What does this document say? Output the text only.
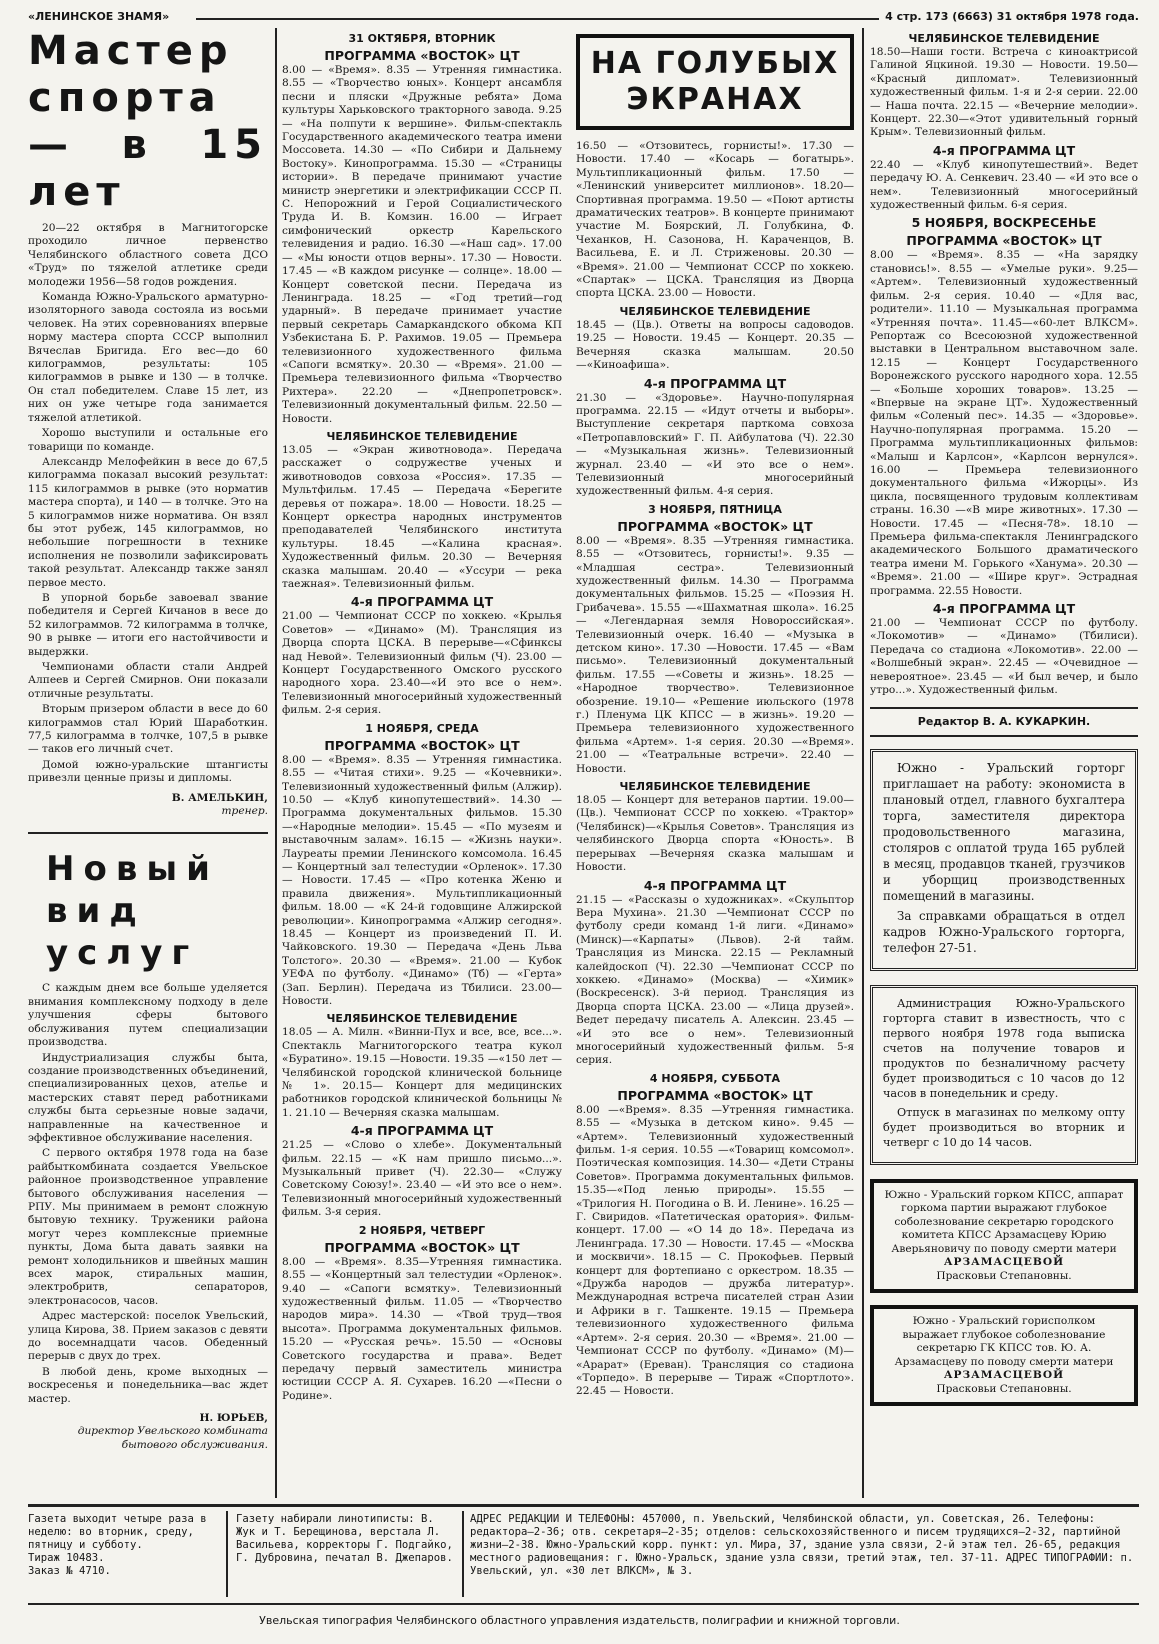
«ЛЕНИНСКОЕ ЗНАМЯ»	4 стр. 173 (6663) 31 октября 1978 года.
Мастер спорта — в 15 лет

20—22 октября в Магнитогорске проходило личное первенство Челябинского областного совета ДСО «Труд» по тяжелой атлетике среди молодежи 1956—58 годов рождения.

Команда Южно-Уральского арматурно-изоляторного завода состояла из восьми человек. На этих соревнованиях впервые норму мастера спорта СССР выполнил Вячеслав Бригида. Его вес—до 60 килограммов, результаты: 105 килограммов в рывке и 130 — в толчке. Он стал победителем. Славе 15 лет, из них он уже четыре года занимается тяжелой атлетикой.

Хорошо выступили и остальные его товарищи по команде.

Александр Мелофейкин в весе до 67,5 килограмма показал высокий результат: 115 килограммов в рывке (это норматив мастера спорта), и 140 — в толчке. Это на 5 килограммов ниже норматива. Он взял бы этот рубеж, 145 килограммов, но небольшие погрешности в технике исполнения не позволили зафиксировать такой результат. Александр также занял первое место.

В упорной борьбе завоевал звание победителя и Сергей Кичанов в весе до 52 килограммов. 72 килограмма в толчке, 90 в рывке — итоги его настойчивости и выдержки.

Чемпионами области стали Андрей Алпеев и Сергей Смирнов. Они показали отличные результаты.

Вторым призером области в весе до 60 килограммов стал Юрий Шаработкин. 77,5 килограмма в толчке, 107,5 в рывке — таков его личный счет.

Домой южно-уральские штангисты привезли ценные призы и дипломы.

В. АМЕЛЬКИН,
тренер.
Новый вид услуг

С каждым днем все больше уделяется внимания комплексному подходу в деле улучшения сферы бытового обслуживания путем специализации производства.

Индустриализация службы быта, создание производственных объединений, специализированных цехов, ателье и мастерских ставят перед работниками службы быта серьезные новые задачи, направленные на качественное и эффективное обслуживание населения.

С первого октября 1978 года на базе райбыткомбината создается Увельское районное производственное управление бытового обслуживания населения — РПУ. Мы принимаем в ремонт сложную бытовую технику. Труженики района могут через комплексные приемные пункты, Дома быта давать заявки на ремонт холодильников и швейных машин всех марок, стиральных машин, электробритв, сепараторов, электронасосов, часов.

Адрес мастерской: поселок Увельский, улица Кирова, 38. Прием заказов с девяти до восемнадцати часов. Обеденный перерыв с двух до трех.

В любой день, кроме выходных —воскресенья и понедельника—вас ждет мастер.

Н. ЮРЬЕВ,
директор Увельского комбината бытового обслуживания.
31 ОКТЯБРЯ, ВТОРНИК
ПРОГРАММА «ВОСТОК» ЦТ
8.00 — «Время». 8.35 — Утренняя гимнастика. 8.55 — «Творчество юных». Концерт ансамбля песни и пляски «Дружные ребята» Дома культуры Харьковского тракторного завода. 9.25 — «На полпути к вершине». Фильм-спектакль Государственного академического театра имени Моссовета. 14.30 — «По Сибири и Дальнему Востоку». Кинопрограмма. 15.30 — «Страницы истории». В передаче принимают участие министр энергетики и электрификации СССР П. С. Непорожний и Герой Социалистического Труда И. В. Комзин. 16.00 — Играет симфонический оркестр Карельского телевидения и радио. 16.30 —«Наш сад». 17.00 — «Мы юности отцов верны». 17.30 — Новости. 17.45 — «В каждом рисунке — солнце». 18.00 — Концерт советской песни. Передача из Ленинграда. 18.25 — «Год третий—год ударный». В передаче принимает участие первый секретарь Самаркандского обкома КП Узбекистана Б. Р. Рахимов. 19.05 — Премьера телевизионного художественного фильма «Сапоги всмятку». 20.30 — «Время». 21.00 — Премьера телевизионного фильма «Творчество Рихтера». 22.20 — «Днепропетровск». Телевизионный документальный фильм. 22.50 — Новости.
ЧЕЛЯБИНСКОЕ ТЕЛЕВИДЕНИЕ
13.05 — «Экран животновода». Передача расскажет о содружестве ученых и животноводов совхоза «Россия». 17.35 — Мультфильм. 17.45 — Передача «Берегите деревья от пожара». 18.00 — Новости. 18.25 — Концерт оркестра народных инструментов преподавателей Челябинского института культуры. 18.45 —«Калина красная». Художественный фильм. 20.30 — Вечерняя сказка малышам. 20.40 — «Уссури — река таежная». Телевизионный фильм.
4-я ПРОГРАММА ЦТ
21.00 — Чемпионат СССР по хоккею. «Крылья Советов» — «Динамо» (М). Трансляция из Дворца спорта ЦСКА. В перерыве—«Сфинксы над Невой». Телевизионный фильм (Ч). 23.00 — Концерт Государственного Омского русского народного хора. 23.40—«И это все о нем». Телевизионный многосерийный художественный фильм. 2-я серия.
1 НОЯБРЯ, СРЕДА
ПРОГРАММА «ВОСТОК» ЦТ
8.00 — «Время». 8.35 — Утренняя гимнастика. 8.55 — «Читая стихи». 9.25 — «Кочевники». Телевизионный художественный фильм (Алжир). 10.50 — «Клуб кинопутешествий». 14.30 — Программа документальных фильмов. 15.30 —«Народные мелодии». 15.45 — «По музеям и выставочным залам». 16.15 — «Жизнь науки». Лауреаты премии Ленинского комсомола. 16.45 — Концертный зал телестудии «Орленок». 17.30 — Новости. 17.45 — «Про котенка Женю и правила движения». Мультипликационный фильм. 18.00 — «К 24-й годовщине Алжирской революции». Кинопрограмма «Алжир сегодня». 18.45 — Концерт из произведений П. И. Чайковского. 19.30 — Передача «День Льва Толстого». 20.30 — «Время». 21.00 — Кубок УЕФА по футболу. «Динамо» (Тб) — «Герта» (Зап. Берлин). Передача из Тбилиси. 23.00—Новости.
ЧЕЛЯБИНСКОЕ ТЕЛЕВИДЕНИЕ
18.05 — А. Милн. «Винни-Пух и все, все, все...». Спектакль Магнитогорского театра кукол «Буратино». 19.15 —Новости. 19.35 —«150 лет — Челябинской городской клинической больнице № 1». 20.15— Концерт для медицинских работников городской клинической больницы № 1. 21.10 — Вечерняя сказка малышам.
4-я ПРОГРАММА ЦТ
21.25 — «Слово о хлебе». Документальный фильм. 22.15 — «К нам пришло письмо...». Музыкальный привет (Ч). 22.30— «Служу Советскому Союзу!». 23.40 — «И это все о нем». Телевизионный многосерийный художественный фильм. 3-я серия.
2 НОЯБРЯ, ЧЕТВЕРГ
ПРОГРАММА «ВОСТОК» ЦТ
8.00 — «Время». 8.35—Утренняя гимнастика. 8.55 — «Концертный зал телестудии «Орленок». 9.40 — «Сапоги всмятку». Телевизионный художественный фильм. 11.05 — «Творчество народов мира». 14.30 — «Твой труд—твоя высота». Программа документальных фильмов. 15.20 — «Русская речь». 15.50 — «Основы Советского государства и права». Ведет передачу первый заместитель министра юстиции СССР А. Я. Сухарев. 16.20 —«Песни о Родине».
НА ГОЛУБЫХ ЭКРАНАХ
16.50 — «Отзовитесь, горнисты!». 17.30 — Новости. 17.40 — «Косарь — богатырь». Мультипликационный фильм. 17.50 — «Ленинский университет миллионов». 18.20— Спортивная программа. 19.50 — «Поют артисты драматических театров». В концерте принимают участие М. Боярский, Л. Голубкина, Ф. Чеханков, Н. Сазонова, Н. Караченцов, В. Васильева, Е. и Л. Стриженовы. 20.30 — «Время». 21.00 — Чемпионат СССР по хоккею. «Спартак» — ЦСКА. Трансляция из Дворца спорта ЦСКА. 23.00 — Новости.
ЧЕЛЯБИНСКОЕ ТЕЛЕВИДЕНИЕ
18.45 — (Цв.). Ответы на вопросы садоводов. 19.25 — Новости. 19.45 — Концерт. 20.35 — Вечерняя сказка малышам. 20.50—«Киноафиша».
4-я ПРОГРАММА ЦТ
21.30 — «Здоровье». Научно-популярная программа. 22.15 — «Идут отчеты и выборы». Выступление секретаря парткома совхоза «Петропавловский» Г. П. Айбулатова (Ч). 22.30 — «Музыкальная жизнь». Телевизионный журнал. 23.40 — «И это все о нем». Телевизионный многосерийный художественный фильм. 4-я серия.
3 НОЯБРЯ, ПЯТНИЦА
ПРОГРАММА «ВОСТОК» ЦТ
8.00 — «Время». 8.35 —Утренняя гимнастика. 8.55 — «Отзовитесь, горнисты!». 9.35 — «Младшая сестра». Телевизионный художественный фильм. 14.30 — Программа документальных фильмов. 15.25 — «Поэзия Н. Грибачева». 15.55 —«Шахматная школа». 16.25 — «Легендарная земля Новороссийская». Телевизионный очерк. 16.40 — «Музыка в детском кино». 17.30 —Новости. 17.45 — «Вам письмо». Телевизионный документальный фильм. 17.55 —«Советы и жизнь». 18.25 — «Народное творчество». Телевизионное обозрение. 19.10— «Решение июльского (1978 г.) Пленума ЦК КПСС — в жизнь». 19.20 — Премьера телевизионного художественного фильма «Артем». 1-я серия. 20.30 —«Время». 21.00 — «Театральные встречи». 22.40 — Новости.
ЧЕЛЯБИНСКОЕ ТЕЛЕВИДЕНИЕ
18.05 — Концерт для ветеранов партии. 19.00—(Цв.). Чемпионат СССР по хоккею. «Трактор» (Челябинск)—«Крылья Советов». Трансляция из челябинского Дворца спорта «Юность». В перерывах —Вечерняя сказка малышам и Новости.
4-я ПРОГРАММА ЦТ
21.15 — «Рассказы о художниках». «Скульптор Вера Мухина». 21.30 —Чемпионат СССР по футболу среди команд 1-й лиги. «Динамо» (Минск)—«Карпаты» (Львов). 2-й тайм. Трансляция из Минска. 22.15 — Рекламный калейдоскоп (Ч). 22.30 —Чемпионат СССР по хоккею. «Динамо» (Москва) — «Химик» (Воскресенск). 3-й период. Трансляция из Дворца спорта ЦСКА. 23.00 — «Лица друзей». Ведет передачу писатель А. Алексин. 23.45 — «И это все о нем». Телевизионный многосерийный художественный фильм. 5-я серия.
4 НОЯБРЯ, СУББОТА
ПРОГРАММА «ВОСТОК» ЦТ
8.00 —«Время». 8.35 —Утренняя гимнастика. 8.55 — «Музыка в детском кино». 9.45 — «Артем». Телевизионный художественный фильм. 1-я серия. 10.55 —«Товарищ комсомол». Поэтическая композиция. 14.30— «Дети Страны Советов». Программа документальных фильмов. 15.35—«Под ленью природы». 15.55 — «Трилогия Н. Погодина о В. И. Ленине». 16.25 — Г. Свиридов. «Патетическая оратория». Фильм-концерт. 17.00 — «О 14 до 18». Передача из Ленинграда. 17.30 — Новости. 17.45 — «Москва и москвичи». 18.15 — С. Прокофьев. Первый концерт для фортепиано с оркестром. 18.35 — «Дружба народов — дружба литератур». Международная встреча писателей стран Азии и Африки в г. Ташкенте. 19.15 — Премьера телевизионного художественного фильма «Артем». 2-я серия. 20.30 — «Время». 21.00 — Чемпионат СССР по футболу. «Динамо» (М)— «Арарат» (Ереван). Трансляция со стадиона «Торпедо». В перерыве — Тираж «Спортлото». 22.45 — Новости.
ЧЕЛЯБИНСКОЕ ТЕЛЕВИДЕНИЕ
18.50—Наши гости. Встреча с киноактрисой Галиной Яцкиной. 19.30 — Новости. 19.50— «Красный дипломат». Телевизионный художественный фильм. 1-я и 2-я серии. 22.00 — Наша почта. 22.15 — «Вечерние мелодии». Концерт. 22.30—«Этот удивительный горный Крым». Телевизионный фильм.
4-я ПРОГРАММА ЦТ
22.40 — «Клуб кинопутешествий». Ведет передачу Ю. А. Сенкевич. 23.40 — «И это все о нем». Телевизионный многосерийный художественный фильм. 6-я серия.
5 НОЯБРЯ, ВОСКРЕСЕНЬЕ
ПРОГРАММА «ВОСТОК» ЦТ
8.00 — «Время». 8.35 — «На зарядку становись!». 8.55 — «Умелые руки». 9.25— «Артем». Телевизионный художественный фильм. 2-я серия. 10.40 — «Для вас, родители». 11.10 — Музыкальная программа «Утренняя почта». 11.45—«60-лет ВЛКСМ». Репортаж со Всесоюзной художественной выставки в Центральном выставочном зале. 12.15 — Концерт Государственного Воронежского русского народного хора. 12.55 — «Больше хороших товаров». 13.25 — «Впервые на экране ЦТ». Художественный фильм «Соленый пес». 14.35 — «Здоровье». Научно-популярная программа. 15.20 — Программа мультипликационных фильмов: «Малыш и Карлсон», «Карлсон вернулся». 16.00 — Премьера телевизионного документального фильма «Ижорцы». Из цикла, посвященного трудовым коллективам страны. 16.30 —«В мире животных». 17.30 — Новости. 17.45 — «Песня-78». 18.10 — Премьера фильма-спектакля Ленинградского академического Большого драматического театра имени М. Горького «Ханума». 20.30 — «Время». 21.00 — «Шире круг». Эстрадная программа. 22.55 Новости.
4-я ПРОГРАММА ЦТ
21.00 — Чемпионат СССР по футболу. «Локомотив» — «Динамо» (Тбилиси). Передача со стадиона «Локомотив». 22.00 — «Волшебный экран». 22.45 — «Очевидное — невероятное». 23.45 — «И был вечер, и было утро...». Художественный фильм.
Редактор В. А. КУКАРКИН.

Южно - Уральский горторг приглашает на работу: экономиста в плановый отдел, главного бухгалтера торга, заместителя директора продовольственного магазина, столяров с оплатой труда 165 рублей в месяц, продавцов тканей, грузчиков и уборщиц производственных помещений в магазины.

За справками обращаться в отдел кадров Южно-Уральского горторга, телефон 27-51.

Администрация Южно-Уральского горторга ставит в известность, что с первого ноября 1978 года выписка счетов на получение товаров и продуктов по безналичному расчету будет производиться с 10 часов до 12 часов в понедельник и среду.

Отпуск в магазинах по мелкому опту будет производиться во вторник и четверг с 10 до 14 часов.

Южно - Уральский горком КПСС, аппарат горкома партии выражают глубокое соболезнование секретарю городского комитета КПСС Арзамасцеву Юрию Аверьяновичу по поводу смерти матери
АРЗАМАСЦЕВОЙ
Прасковьи Степановны.
Южно - Уральский горисполком выражает глубокое соболезнование секретарю ГК КПСС тов. Ю. А. Арзамасцеву по поводу смерти матери
АРЗАМАСЦЕВОЙ
Прасковьи Степановны.
Газета выходит четыре раза в неделю: во вторник, среду, пятницу и субботу.
Тираж 10483.
Заказ № 4710.
Газету набирали линотиписты: В. Жук и Т. Берещинова, верстала Л. Васильева, корректоры Г. Подгайко, Г. Дубровина, печатал В. Джепаров.
АДРЕС РЕДАКЦИИ И ТЕЛЕФОНЫ: 457000, п. Увельский, Челябинской области, ул. Советская, 26. Телефоны: редактора—2-36; отв. секретаря—2-35; отделов: сельскохозяйственного и писем трудящихся—2-32, партийной жизни—2-38. Южно-Уральский корр. пункт: ул. Мира, 37, здание узла связи, 2-й этаж тел. 26-65, редакция местного радиовещания: г. Южно-Уральск, здание узла связи, третий этаж, тел. 37-11. АДРЕС ТИПОГРАФИИ: п. Увельский, ул. «30 лет ВЛКСМ», № 3.
Увельская типография Челябинского областного управления издательств, полиграфии и книжной торговли.
